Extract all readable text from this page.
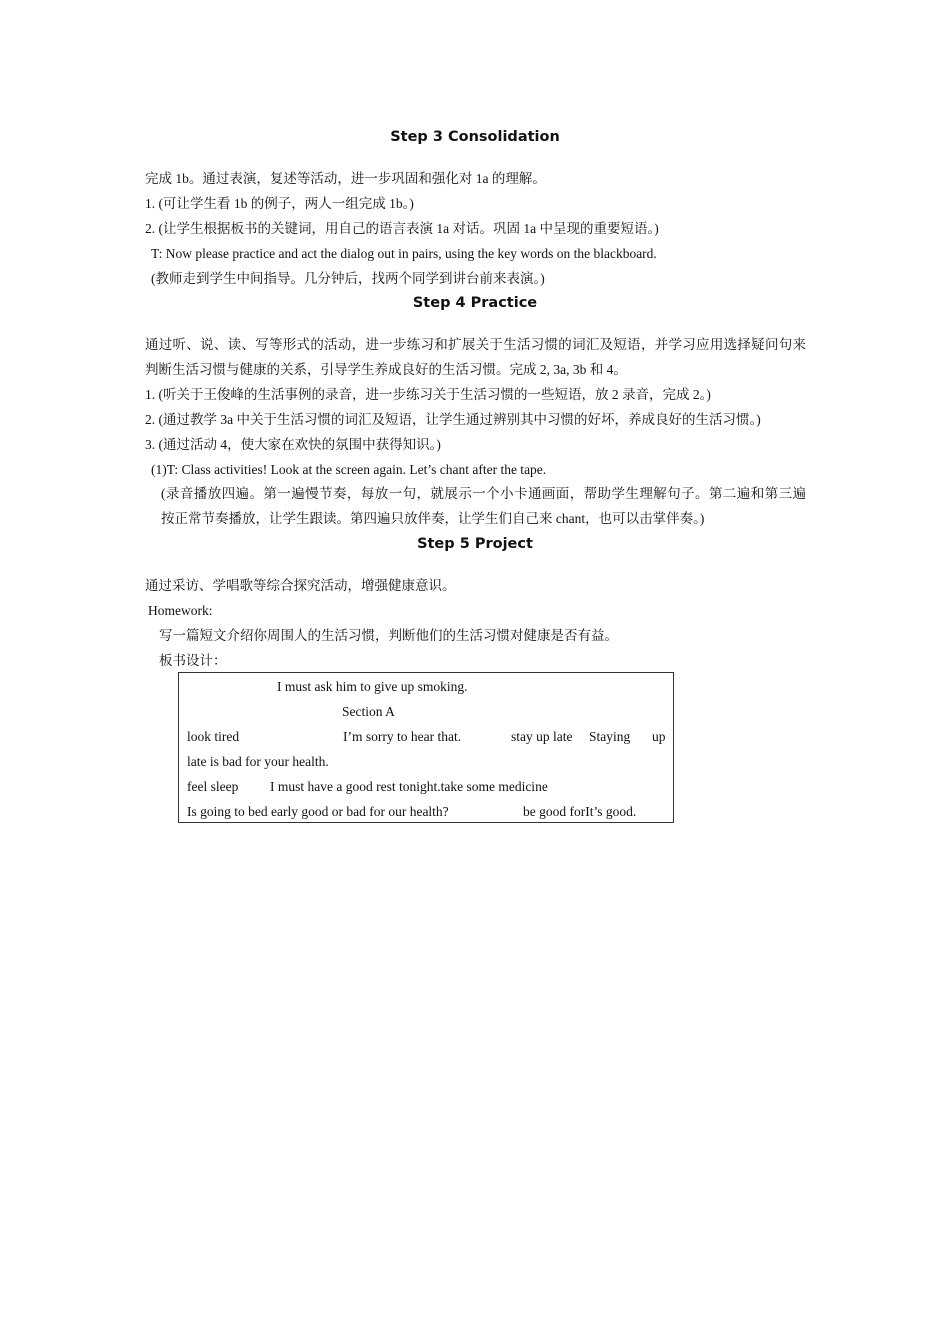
Step 3 Consolidation
完成 1b。通过表演，复述等活动，进一步巩固和强化对 1a 的理解。
1. (可让学生看 1b 的例子，两人一组完成 1b。)
2. (让学生根据板书的关键词，用自己的语言表演 1a 对话。巩固 1a 中呈现的重要短语。)
T: Now please practice and act the dialog out in pairs, using the key words on the blackboard.
(教师走到学生中间指导。几分钟后，找两个同学到讲台前来表演。)
Step 4 Practice
通过听、说、读、写等形式的活动，进一步练习和扩展关于生活习惯的词汇及短语，并学习应用选择疑问句来
判断生活习惯与健康的关系，引导学生养成良好的生活习惯。完成 2, 3a, 3b 和 4。
1. (听关于王俊峰的生活事例的录音，进一步练习关于生活习惯的一些短语，放 2 录音，完成 2。)
2. (通过教学 3a 中关于生活习惯的词汇及短语，让学生通过辨别其中习惯的好坏，养成良好的生活习惯。)
3. (通过活动 4，使大家在欢快的氛围中获得知识。)
(1)T: Class activities! Look at the screen again. Let’s chant after the tape.
(录音播放四遍。第一遍慢节奏，每放一句，就展示一个小卡通画面，帮助学生理解句子。第二遍和第三遍
按正常节奏播放，让学生跟读。第四遍只放伴奏，让学生们自己来 chant，也可以击掌伴奏。)
Step 5 Project
通过采访、学唱歌等综合探究活动，增强健康意识。
Homework:
写一篇短文介绍你周围人的生活习惯，判断他们的生活习惯对健康是否有益。
板书设计：
I must ask him to give up smoking.
Section A
look tired	I’m sorry to hear that.	stay up late Staying up
late is bad for your health.
feel sleep I must have a good rest tonight.take some medicine
Is going to bed early good or bad for our health?	be good forIt’s good.
